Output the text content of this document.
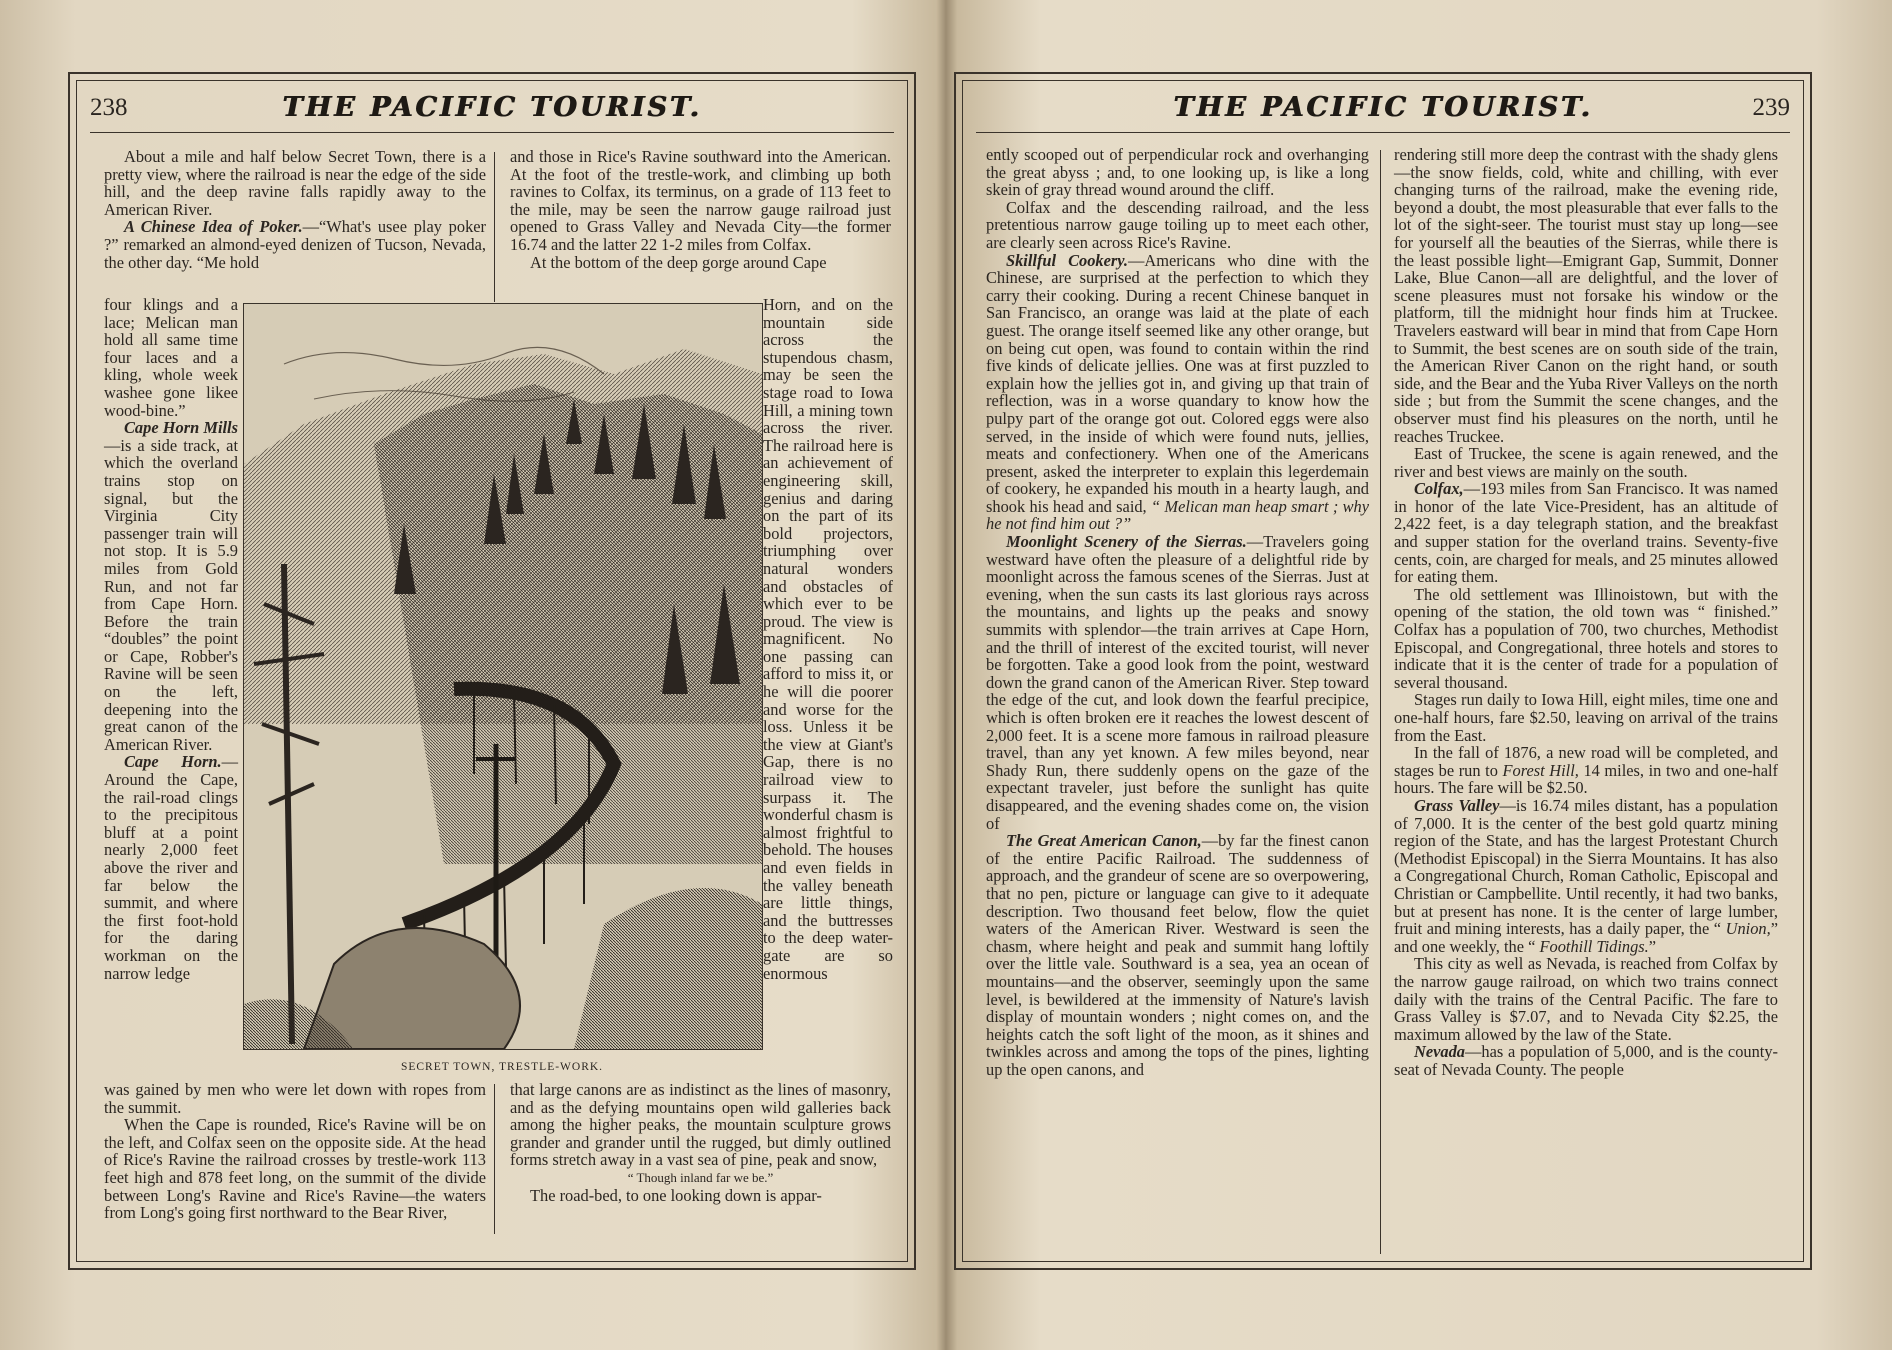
238	THE PACIFIC TOURIST.

About a mile and half below Secret Town, there is a pretty view, where the railroad is near the edge of the side hill, and the deep ravine falls rapidly away to the American River.

A Chinese Idea of Poker.—“What's usee play poker ?” remarked an almond-eyed denizen of Tucson, Nevada, the other day. “Me hold

four klings and a lace; Melican man hold all same time four laces and a kling, whole week washee gone likee wood-bine.”

Cape Horn Mills—is a side track, at which the overland trains stop on signal, but the Virginia City passenger train will not stop. It is 5.9 miles from Gold Run, and not far from Cape Horn. Before the train “doubles” the point or Cape, Robber's Ravine will be seen on the left, deepening into the great canon of the American River.

Cape Horn.—Around the Cape, the rail-road clings to the precipitous bluff at a point nearly 2,000 feet above the river and far below the summit, and where the first foot-hold for the daring workman on the narrow ledge

was gained by men who were let down with ropes from the summit.

When the Cape is rounded, Rice's Ravine will be on the left, and Colfax seen on the opposite side. At the head of Rice's Ravine the railroad crosses by trestle-work 113 feet high and 878 feet long, on the summit of the divide between Long's Ravine and Rice's Ravine—the waters from Long's going first northward to the Bear River,

and those in Rice's Ravine southward into the American. At the foot of the trestle-work, and climbing up both ravines to Colfax, its terminus, on a grade of 113 feet to the mile, may be seen the narrow gauge railroad just opened to Grass Valley and Nevada City—the former 16.74 and the latter 22 1-2 miles from Colfax.

At the bottom of the deep gorge around Cape

Horn, and on the mountain side across the stupendous chasm, may be seen the stage road to Iowa Hill, a mining town across the river. The railroad here is an achievement of engineering skill, genius and daring on the part of its bold projectors, triumphing over natural wonders and obstacles of which ever to be proud. The view is magnificent. No one passing can afford to miss it, or he will die poorer and worse for the loss. Unless it be the view at Giant's Gap, there is no railroad view to surpass it. The wonderful chasm is almost frightful to behold. The houses and even fields in the valley beneath are little things, and the buttresses to the deep water-gate are so enormous

that large canons are as indistinct as the lines of masonry, and as the defying mountains open wild galleries back among the higher peaks, the mountain sculpture grows grander and grander until the rugged, but dimly outlined forms stretch away in a vast sea of pine, peak and snow,

“ Though inland far we be.”

The road-bed, to one looking down is appar-

SECRET TOWN, TRESTLE-WORK.
THE PACIFIC TOURIST.	239

ently scooped out of perpendicular rock and overhanging the great abyss ; and, to one looking up, is like a long skein of gray thread wound around the cliff.

Colfax and the descending railroad, and the less pretentious narrow gauge toiling up to meet each other, are clearly seen across Rice's Ravine.

Skillful Cookery.—Americans who dine with the Chinese, are surprised at the perfection to which they carry their cooking. During a recent Chinese banquet in San Francisco, an orange was laid at the plate of each guest. The orange itself seemed like any other orange, but on being cut open, was found to contain within the rind five kinds of delicate jellies. One was at first puzzled to explain how the jellies got in, and giving up that train of reflection, was in a worse quandary to know how the pulpy part of the orange got out. Colored eggs were also served, in the inside of which were found nuts, jellies, meats and confectionery. When one of the Americans present, asked the interpreter to explain this legerdemain of cookery, he expanded his mouth in a hearty laugh, and shook his head and said, “ Melican man heap smart ; why he not find him out ?”

Moonlight Scenery of the Sierras.—Travelers going westward have often the pleasure of a delightful ride by moonlight across the famous scenes of the Sierras. Just at evening, when the sun casts its last glorious rays across the mountains, and lights up the peaks and snowy summits with splendor—the train arrives at Cape Horn, and the thrill of interest of the excited tourist, will never be forgotten. Take a good look from the point, westward down the grand canon of the American River. Step toward the edge of the cut, and look down the fearful precipice, which is often broken ere it reaches the lowest descent of 2,000 feet. It is a scene more famous in railroad pleasure travel, than any yet known. A few miles beyond, near Shady Run, there suddenly opens on the gaze of the expectant traveler, just before the sunlight has quite disappeared, and the evening shades come on, the vision of

The Great American Canon,—by far the finest canon of the entire Pacific Railroad. The suddenness of approach, and the grandeur of scene are so overpowering, that no pen, picture or language can give to it adequate description. Two thousand feet below, flow the quiet waters of the American River. Westward is seen the chasm, where height and peak and summit hang loftily over the little vale. Southward is a sea, yea an ocean of mountains—and the observer, seemingly upon the same level, is bewildered at the immensity of Nature's lavish display of mountain wonders ; night comes on, and the heights catch the soft light of the moon, as it shines and twinkles across and among the tops of the pines, lighting up the open canons, and

rendering still more deep the contrast with the shady glens—the snow fields, cold, white and chilling, with ever changing turns of the railroad, make the evening ride, beyond a doubt, the most pleasurable that ever falls to the lot of the sight-seer. The tourist must stay up long—see for yourself all the beauties of the Sierras, while there is the least possible light—Emigrant Gap, Summit, Donner Lake, Blue Canon—all are delightful, and the lover of scene pleasures must not forsake his window or the platform, till the midnight hour finds him at Truckee. Travelers eastward will bear in mind that from Cape Horn to Summit, the best scenes are on south side of the train, the American River Canon on the right hand, or south side, and the Bear and the Yuba River Valleys on the north side ; but from the Summit the scene changes, and the observer must find his pleasures on the north, until he reaches Truckee.

East of Truckee, the scene is again renewed, and the river and best views are mainly on the south.

Colfax,—193 miles from San Francisco. It was named in honor of the late Vice-President, has an altitude of 2,422 feet, is a day telegraph station, and the breakfast and supper station for the overland trains. Seventy-five cents, coin, are charged for meals, and 25 minutes allowed for eating them.

The old settlement was Illinoistown, but with the opening of the station, the old town was “ finished.” Colfax has a population of 700, two churches, Methodist Episcopal, and Congregational, three hotels and stores to indicate that it is the center of trade for a population of several thousand.

Stages run daily to Iowa Hill, eight miles, time one and one-half hours, fare $2.50, leaving on arrival of the trains from the East.

In the fall of 1876, a new road will be completed, and stages be run to Forest Hill, 14 miles, in two and one-half hours. The fare will be $2.50.

Grass Valley—is 16.74 miles distant, has a population of 7,000. It is the center of the best gold quartz mining region of the State, and has the largest Protestant Church (Methodist Episcopal) in the Sierra Mountains. It has also a Congregational Church, Roman Catholic, Episcopal and Christian or Campbellite. Until recently, it had two banks, but at present has none. It is the center of large lumber, fruit and mining interests, has a daily paper, the “ Union,” and one weekly, the “ Foothill Tidings.”

This city as well as Nevada, is reached from Colfax by the narrow gauge railroad, on which two trains connect daily with the trains of the Central Pacific. The fare to Grass Valley is $7.07, and to Nevada City $2.25, the maximum allowed by the law of the State.

Nevada—has a population of 5,000, and is the county-seat of Nevada County. The people
